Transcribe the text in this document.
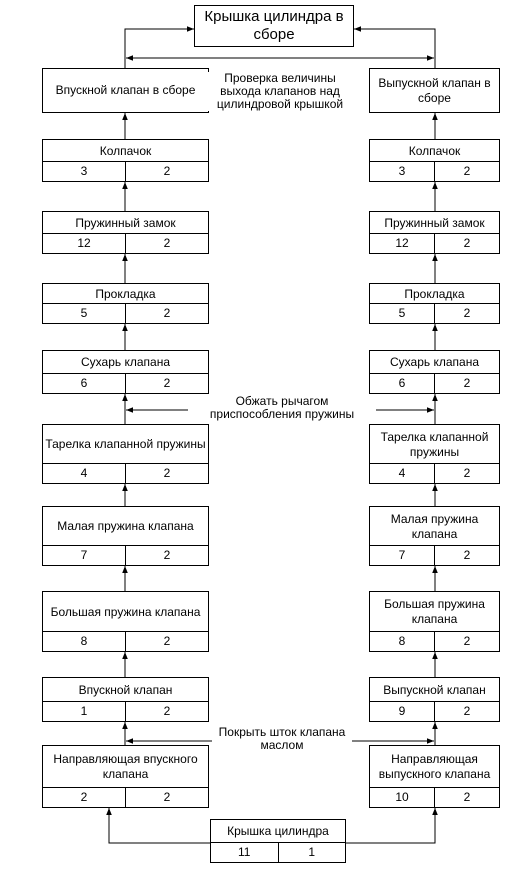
Крышка цилиндра в сборе
Впускной клапан в сборе
Выпускной клапан в сборе
Проверка величины выхода клапанов над цилиндровой крышкой
Обжать рычагом приспособления пружины
Покрыть шток клапана маслом
Колпачок
3	2
Пружинный замок
12	2
Прокладка
5	2
Сухарь клапана
6	2
Тарелка клапанной пружины
4	2
Малая пружина клапана
7	2
Большая пружина клапана
8	2
Впускной клапан
1	2
Направляющая впускного клапана
2	2
Колпачок
3	2
Пружинный замок
12	2
Прокладка
5	2
Сухарь клапана
6	2
Тарелка клапанной пружины
4	2
Малая пружина клапана
7	2
Большая пружина клапана
8	2
Выпускной клапан
9	2
Направляющая выпускного клапана
10	2
Крышка цилиндра
11	1
